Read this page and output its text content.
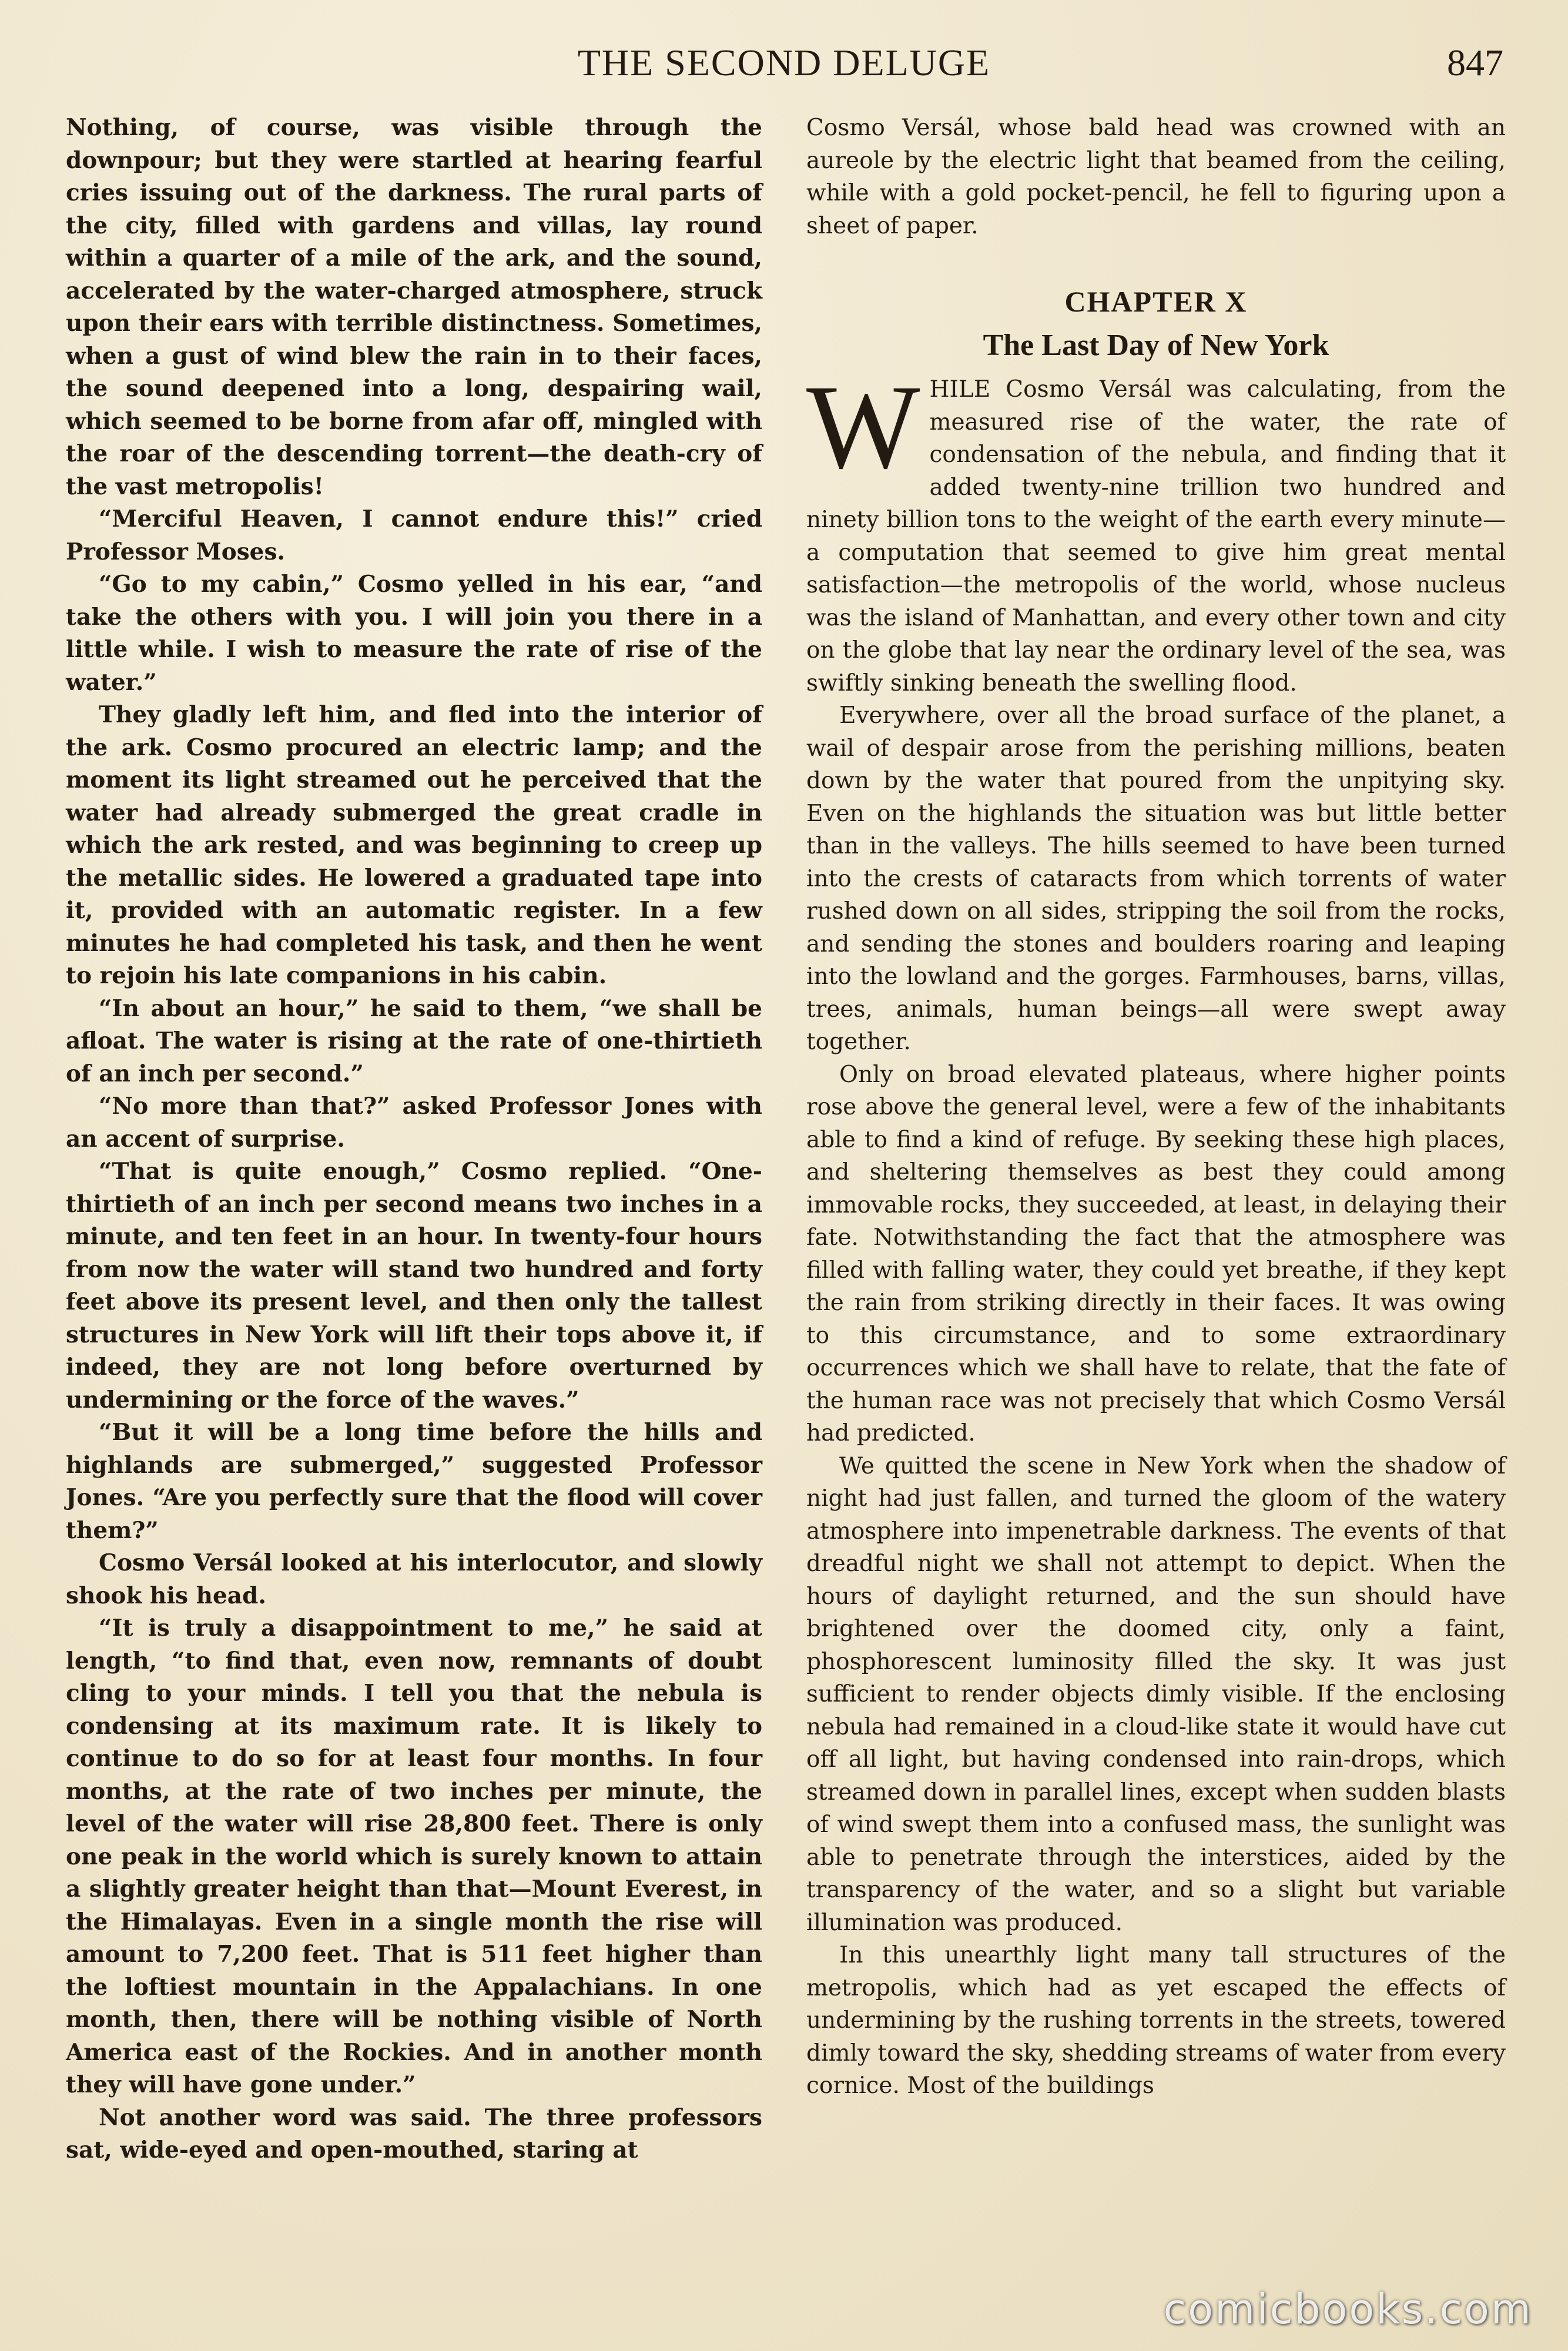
THE SECOND DELUGE	847

Nothing, of course, was visible through the downpour; but they were startled at hearing fearful cries issuing out of the darkness. The rural parts of the city, filled with gardens and villas, lay round within a quarter of a mile of the ark, and the sound, accelerated by the water-charged atmosphere, struck upon their ears with terrible distinctness. Sometimes, when a gust of wind blew the rain in to their faces, the sound deepened into a long, despairing wail, which seemed to be borne from afar off, mingled with the roar of the descending torrent—the death-cry of the vast metropolis!

“Merciful Heaven, I cannot endure this!” cried Professor Moses.

“Go to my cabin,” Cosmo yelled in his ear, “and take the others with you. I will join you there in a little while. I wish to measure the rate of rise of the water.”

They gladly left him, and fled into the interior of the ark. Cosmo procured an electric lamp; and the moment its light streamed out he perceived that the water had already submerged the great cradle in which the ark rested, and was beginning to creep up the metallic sides. He lowered a graduated tape into it, provided with an automatic register. In a few minutes he had completed his task, and then he went to rejoin his late companions in his cabin.

“In about an hour,” he said to them, “we shall be afloat. The water is rising at the rate of one-thirtieth of an inch per second.”

“No more than that?” asked Professor Jones with an accent of surprise.

“That is quite enough,” Cosmo replied. “One-thirtieth of an inch per second means two inches in a minute, and ten feet in an hour. In twenty-four hours from now the water will stand two hundred and forty feet above its present level, and then only the tallest structures in New York will lift their tops above it, if indeed, they are not long before overturned by undermining or the force of the waves.”

“But it will be a long time before the hills and highlands are submerged,” suggested Professor Jones. “Are you perfectly sure that the flood will cover them?”

Cosmo Versál looked at his interlocutor, and slowly shook his head.

“It is truly a disappointment to me,” he said at length, “to find that, even now, remnants of doubt cling to your minds. I tell you that the nebula is condensing at its maximum rate. It is likely to continue to do so for at least four months. In four months, at the rate of two inches per minute, the level of the water will rise 28,800 feet. There is only one peak in the world which is surely known to attain a slightly greater height than that—Mount Everest, in the Himalayas. Even in a single month the rise will amount to 7,200 feet. That is 511 feet higher than the loftiest mountain in the Appalachians. In one month, then, there will be nothing visible of North America east of the Rockies. And in another month they will have gone under.”

Not another word was said. The three professors sat, wide-eyed and open-mouthed, staring at

Cosmo Versál, whose bald head was crowned with an aureole by the electric light that beamed from the ceiling, while with a gold pocket-pencil, he fell to figuring upon a sheet of paper.

CHAPTER X
The Last Day of New York

WHILE Cosmo Versál was calculating, from the measured rise of the water, the rate of condensation of the nebula, and finding that it added twenty-nine trillion two hundred and ninety billion tons to the weight of the earth every minute—a computation that seemed to give him great mental satisfaction—the metropolis of the world, whose nucleus was the island of Manhattan, and every other town and city on the globe that lay near the ordinary level of the sea, was swiftly sinking beneath the swelling flood.

Everywhere, over all the broad surface of the planet, a wail of despair arose from the perishing millions, beaten down by the water that poured from the unpitying sky. Even on the highlands the situation was but little better than in the valleys. The hills seemed to have been turned into the crests of cataracts from which torrents of water rushed down on all sides, stripping the soil from the rocks, and sending the stones and boulders roaring and leaping into the lowland and the gorges. Farmhouses, barns, villas, trees, animals, human beings—all were swept away together.

Only on broad elevated plateaus, where higher points rose above the general level, were a few of the inhabitants able to find a kind of refuge. By seeking these high places, and sheltering themselves as best they could among immovable rocks, they succeeded, at least, in delaying their fate. Notwithstanding the fact that the atmosphere was filled with falling water, they could yet breathe, if they kept the rain from striking directly in their faces. It was owing to this circumstance, and to some extraordinary occurrences which we shall have to relate, that the fate of the human race was not precisely that which Cosmo Versál had predicted.

We quitted the scene in New York when the shadow of night had just fallen, and turned the gloom of the watery atmosphere into impenetrable darkness. The events of that dreadful night we shall not attempt to depict. When the hours of daylight returned, and the sun should have brightened over the doomed city, only a faint, phosphorescent luminosity filled the sky. It was just sufficient to render objects dimly visible. If the enclosing nebula had remained in a cloud-like state it would have cut off all light, but having condensed into rain-drops, which streamed down in parallel lines, except when sudden blasts of wind swept them into a confused mass, the sunlight was able to penetrate through the interstices, aided by the transparency of the water, and so a slight but variable illumination was produced.

In this unearthly light many tall structures of the metropolis, which had as yet escaped the effects of undermining by the rushing torrents in the streets, towered dimly toward the sky, shedding streams of water from every cornice. Most of the buildings

comicbooks.com
